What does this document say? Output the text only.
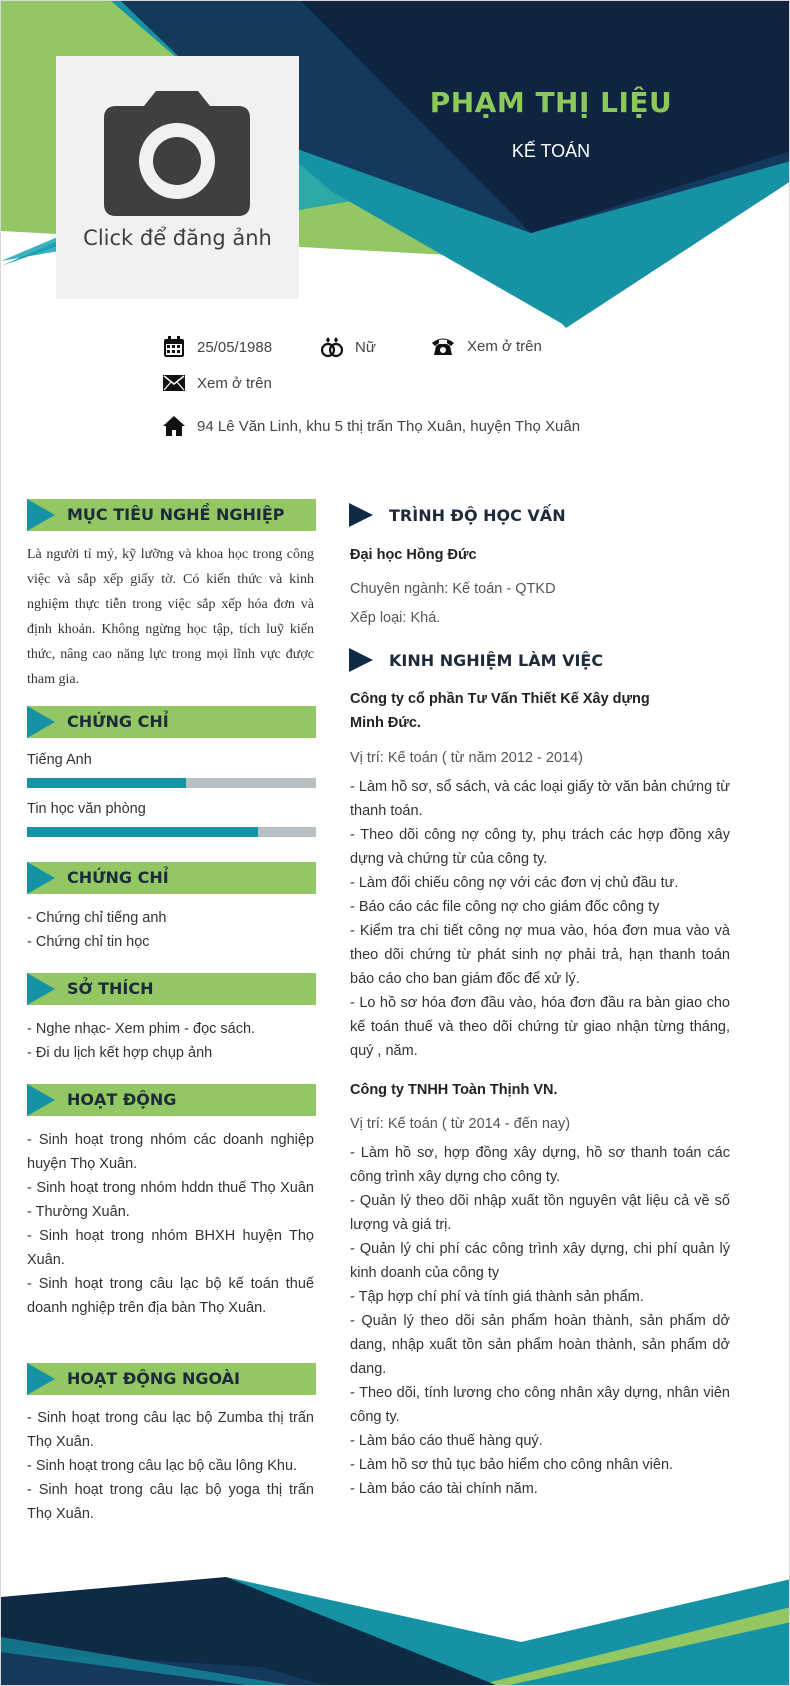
Click để đăng ảnh
PHẠM THỊ LIỆU
KẾ TOÁN
25/05/1988	Nữ	Xem ở trên
Xem ở trên
94 Lê Văn Linh, khu 5 thị trấn Thọ Xuân, huyện Thọ Xuân
MỤC TIÊU NGHỀ NGHIỆP
Là người tỉ mỷ, kỹ lưỡng và khoa học trong công việc và sắp xếp giấy tờ. Có kiến thức và kinh nghiệm thực tiễn trong việc sắp xếp hóa đơn và định khoản. Không ngừng học tập, tích luỹ kiến thức, nâng cao năng lực trong mọi lĩnh vực được tham gia.
CHỨNG CHỈ
Tiếng Anh
Tin học văn phòng
CHỨNG CHỈ
- Chứng chỉ tiếng anh
- Chứng chỉ tin học
SỞ THÍCH
- Nghe nhạc- Xem phim - đọc sách.
- Đi du lịch kết hợp chụp ảnh
HOẠT ĐỘNG
- Sinh hoạt trong nhóm các doanh nghiệp huyện Thọ Xuân.
- Sinh hoạt trong nhóm hddn thuế Thọ Xuân - Thường Xuân.
- Sinh hoạt trong nhóm BHXH huyện Thọ Xuân.
- Sinh hoạt trong câu lạc bộ kế toán thuế doanh nghiệp trên địa bàn Thọ Xuân.
HOẠT ĐỘNG NGOÀI
- Sinh hoạt trong câu lạc bộ Zumba thị trấn Thọ Xuân.
- Sinh hoạt trong câu lạc bộ cầu lông Khu.
- Sinh hoạt trong câu lạc bộ yoga thị trấn Thọ Xuân.
TRÌNH ĐỘ HỌC VẤN
Đại học Hồng Đức
Chuyên ngành: Kế toán - QTKD
Xếp loại: Khá.
KINH NGHIỆM LÀM VIỆC
Công ty cổ phần Tư Vấn Thiết Kế Xây dựng
Minh Đức.
Vị trí: Kế toán ( từ năm 2012 - 2014)
- Làm hồ sơ, sổ sách, và các loại giấy tờ văn bản chứng từ thanh toán.
- Theo dõi công nợ công ty, phụ trách các hợp đồng xây dựng và chứng từ của công ty.
- Làm đối chiếu công nợ với các đơn vị chủ đầu tư.
- Báo cáo các file công nợ cho giám đốc công ty
- Kiểm tra chi tiết công nợ mua vào, hóa đơn mua vào và theo dõi chứng từ phát sinh nợ phải trả, hạn thanh toán báo cáo cho ban giám đốc để xử lý.
- Lo hồ sơ hóa đơn đầu vào, hóa đơn đầu ra bàn giao cho kế toán thuế và theo dõi chứng từ giao nhận từng tháng, quý , năm.
Công ty TNHH Toàn Thịnh VN.
Vị trí: Kế toán ( từ 2014 - đến nay)
- Làm hồ sơ, hợp đồng xây dựng, hồ sơ thanh toán các công trình xây dựng cho công ty.
- Quản lý theo dõi nhập xuất tồn nguyên vật liệu cả về số lượng và giá trị.
- Quản lý chi phí các công trình xây dựng, chi phí quản lý kinh doanh của công ty
- Tập hợp chí phí và tính giá thành sản phẩm.
- Quản lý theo dõi sản phẩm hoàn thành, sản phẩm dở dang, nhập xuất tồn sản phẩm hoàn thành, sản phẩm dở dang.
- Theo dõi, tính lương cho công nhân xây dựng, nhân viên công ty.
- Làm báo cáo thuế hàng quý.
- Làm hồ sơ thủ tục bảo hiểm cho công nhân viên.
- Làm báo cáo tài chính năm.
